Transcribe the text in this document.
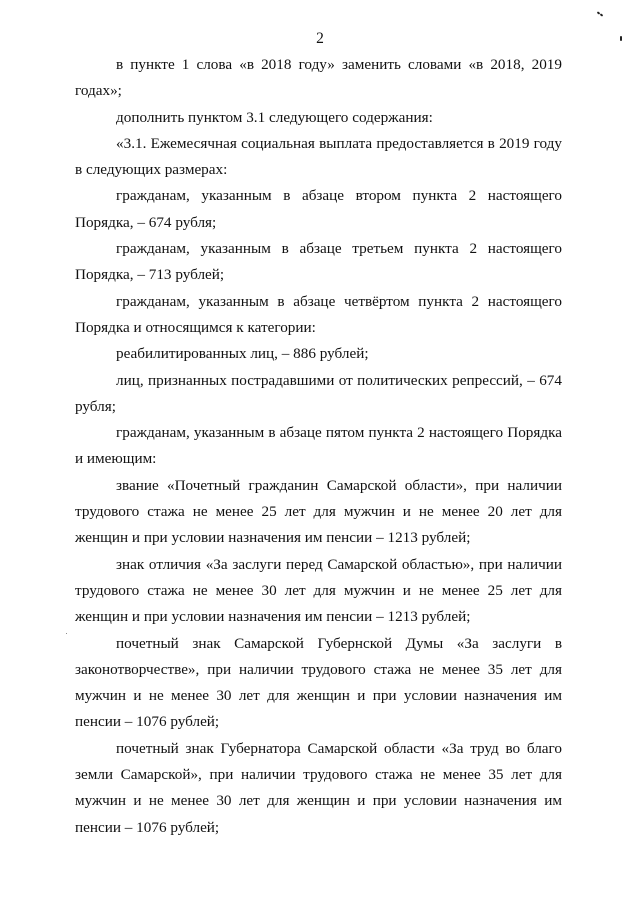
2

в пункте 1 слова «в 2018 году» заменить словами «в 2018, 2019 годах»;

дополнить пунктом 3.1 следующего содержания:

«3.1. Ежемесячная социальная выплата предоставляется в 2019 году в следующих размерах:

гражданам, указанным в абзаце втором пункта 2 настоящего Порядка, – 674 рубля;

гражданам, указанным в абзаце третьем пункта 2 настоящего Порядка, – 713 рублей;

гражданам, указанным в абзаце четвёртом пункта 2 настоящего Порядка и относящимся к категории:

реабилитированных лиц, – 886 рублей;

лиц, признанных пострадавшими от политических репрессий, – 674 рубля;

гражданам, указанным в абзаце пятом пункта 2 настоящего Порядка и имеющим:

звание «Почетный гражданин Самарской области», при наличии трудового стажа не менее 25 лет для мужчин и не менее 20 лет для женщин и при условии назначения им пенсии – 1213 рублей;

знак отличия «За заслуги перед Самарской областью», при наличии трудового стажа не менее 30 лет для мужчин и не менее 25 лет для женщин и при условии назначения им пенсии – 1213 рублей;

почетный знак Самарской Губернской Думы «За заслуги в законотворчестве», при наличии трудового стажа не менее 35 лет для мужчин и не менее 30 лет для женщин и при условии назначения им пенсии – 1076 рублей;

почетный знак Губернатора Самарской области «За труд во благо земли Самарской», при наличии трудового стажа не менее 35 лет для мужчин и не менее 30 лет для женщин и при условии назначения им пенсии – 1076 рублей;
